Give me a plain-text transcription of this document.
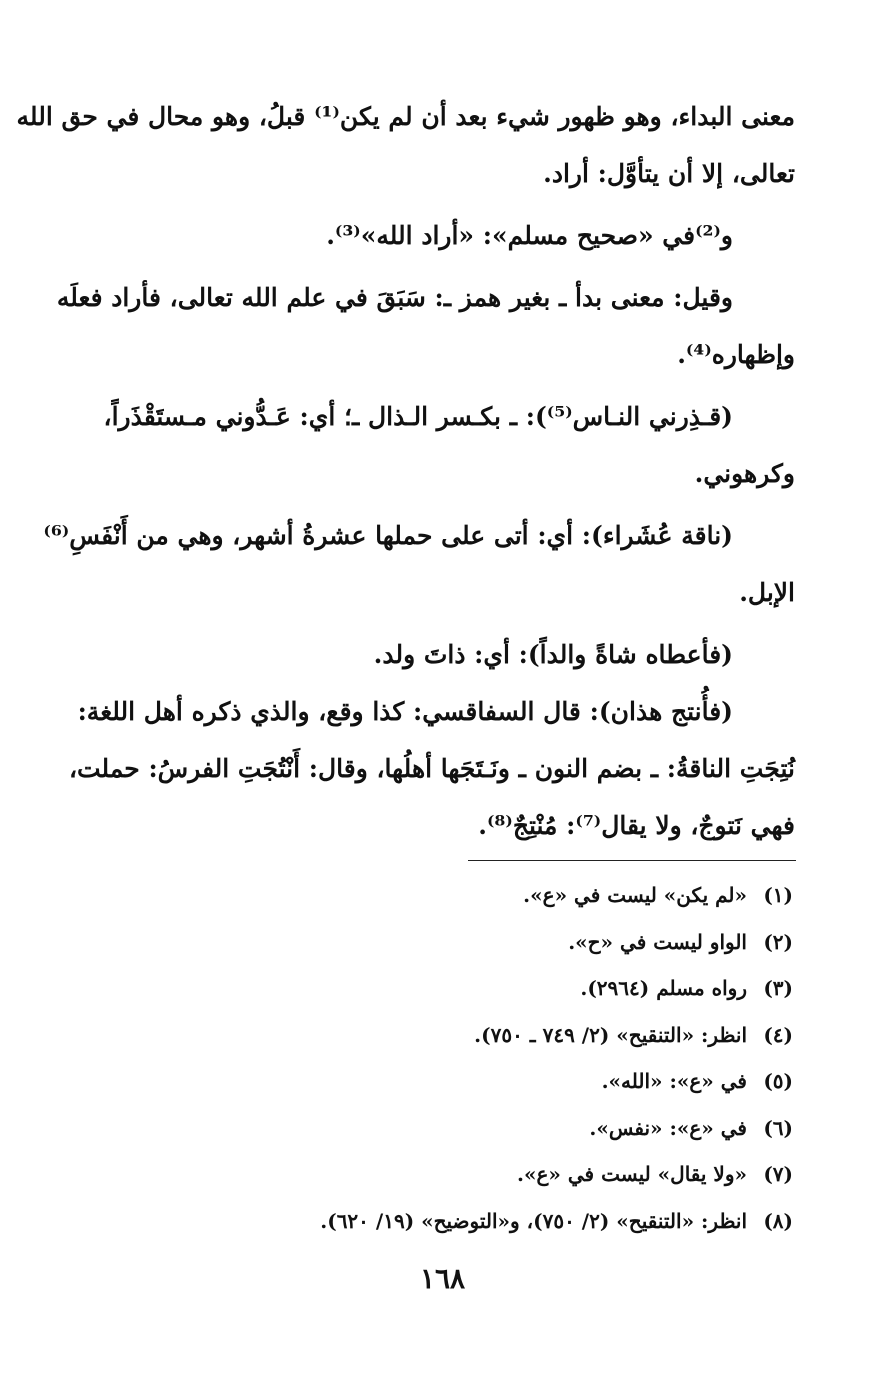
معنى البداء، وهو ظهور شيء بعد أن لم يكن⁽¹⁾ قبلُ، وهو محال في حق الله
تعالى، إلا أن يتأوَّل: أراد.
و⁽²⁾في «صحيح مسلم»: «أراد الله»⁽³⁾.
وقيل: معنى بدأ ـ بغير همز ـ: سَبَقَ في علم الله تعالى، فأراد فعلَه
وإظهاره⁽⁴⁾.
(قـذِرني النـاس⁽⁵⁾): ـ بكـسر الـذال ـ؛ أي: عَـدُّوني مـستَقْذَراً،
وكرهوني.
(ناقة عُشَراء): أي: أتى على حملها عشرةُ أشهر، وهي من أَنْفَسِ⁽⁶⁾
الإبل.
(فأعطاه شاةً والداً): أي: ذاتَ ولد.
(فأُنتج هذان): قال السفاقسي: كذا وقع، والذي ذكره أهل اللغة:
نُتِجَتِ الناقةُ: ـ بضم النون ـ ونَـتَجَها أهلُها، وقال: أَنْتُجَتِ الفرسُ: حملت،
فهي نَتوجٌ، ولا يقال⁽⁷⁾: مُنْتِجٌ⁽⁸⁾.
(١)«لم يكن» ليست في «ع».
(٢)الواو ليست في «ح».
(٣)رواه مسلم (٢٩٦٤).
(٤)انظر: «التنقيح» (٢/ ٧٤٩ ـ ٧٥٠).
(٥)في «ع»: «الله».
(٦)في «ع»: «نفس».
(٧)«ولا يقال» ليست في «ع».
(٨)انظر: «التنقيح» (٢/ ٧٥٠)، و«التوضيح» (١٩/ ٦٢٠).
١٦٨
